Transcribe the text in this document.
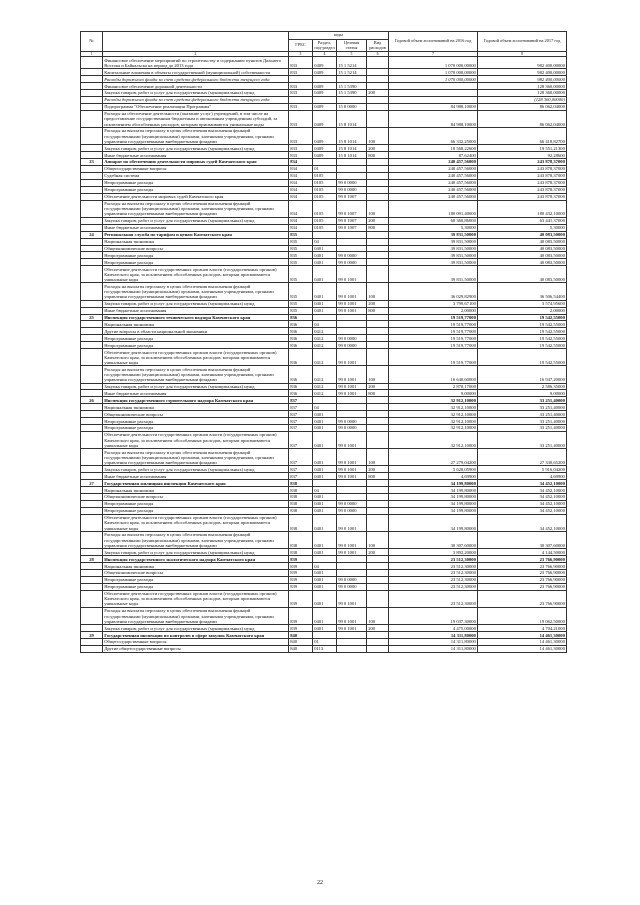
№		коды				Годовой объем ассигнований на 2016 год	Годовой объем ассигнований на 2017 год
		ГРБС	Раздел, под-раздел	Целевая статья	Вид расходов		
1	2	3	4	5	6	7	8
	Финансовое обеспечение мероприятий по строительству и содержанию пунктов Дальнего Востока и Байкальска на период до 2013 года	833	0409	15 1 5214		1 070 000,00000	982 400,00000
	Капитальные вложения в объекты государственной (муниципальной) собственности	833	0409	15 1 5214		1 070 000,00000	982 400,00000
	Расходы дорожного фонда за счет средств федерального бюджета текущего года					1 070 000,00000	982 400,00000
	Финансовое обеспечение дорожной деятельности	833	0409	15 1 5390			128 360,00000
	Закупка товаров, работ и услуг для государственных (муниципальных) нужд	833	0409	15 1 5390	200		128 360,00000
	Расходы дорожного фонда за счет средств федерального бюджета текущего года						(128 360,00000)
	Подпрограмма "Обеспечение реализации Программы"	833	0409	15 8 0000		84 988,10000	86 062,04000
	Расходы на обеспечение деятельности (оказание услуг) учреждений, в том числе на предоставление государственным бюджетным и автономным учреждениям субсидий, за исключением обособленных расходов, которым присваиваются уникальные коды	833	0409	15 8 1014		84 988,10000	86 062,04000
	Расходы на выплаты персоналу в целях обеспечения выполнения функций государственными (муниципальными) органами, казенными учреждениями, органами управления государственными внебюджетными фондами	833	0409	15 8 1014	100	66 332,25000	66 418,82700
	Закупка товаров, работ и услуг для государственных (муниципальных) нужд	833	0409	15 8 1014	200	18 568,22600	19 551,21300
	Иные бюджетные ассигнования	833	0409	15 8 1014	800	87,62400	92,28600
23	Аппарат по обеспечению деятельности мировых судей Камчатского края	834				240 457,56000	243 878,37000
	Общегосударственные вопросы	834	01			240 457,56000	243 878,37000
	Судебная система	834	0105			240 457,56000	243 878,37000
	Непрограммные расходы	834	0105	99 0 0000		240 457,56000	243 878,37000
	Непрограммные расходы	834	0105	99 0 0000		240 457,56000	243 878,37000
	Обеспечение деятельности мировых судей Камчатского края	834	0105	99 0 1007		240 457,56000	243 878,37000
	Расходы на выплаты персоналу в целях обеспечения выполнения функций государственными (муниципальными) органами, казенными учреждениями, органами управления государственными внебюджетными фондами	834	0105	99 0 1007	100	180 091,40000	180 432,10000
	Закупка товаров, работ и услуг для государственных (муниципальных) нужд	834	0105	99 0 1007	200	60 360,86000	63 441,37000
	Иные бюджетные ассигнования	834	0105	99 0 1007	800	5,30000	5,30000
24	Региональная служба по тарифам и ценам Камчатского края	835				39 831,50000	40 083,50000
	Национальная экономика	835	04			39 831,50000	40 083,50000
	Общеэкономические вопросы	835	0401			39 831,50000	40 083,50000
	Непрограммные расходы	835	0401	99 0 0000		39 831,50000	40 083,50000
	Непрограммные расходы	835	0401	99 0 0000		39 831,50000	40 083,50000
	Обеспечение деятельности государственных органов власти (государственных органов) Камчатского края, за исключением обособленных расходов, которым присваиваются уникальные коды	835	0401	99 0 1001		39 831,50000	40 083,50000
	Расходы на выплаты персоналу в целях обеспечения выполнения функций государственными (муниципальными) органами, казенными учреждениями, органами управления государственными внебюджетными фондами	835	0401	99 0 1001	100	36 029,82900	36 506,54400
	Закупка товаров, работ и услуг для государственных (муниципальных) нужд	835	0401	99 0 1001	200	3 799,67100	3 574,95600
	Иные бюджетные ассигнования	835	0401	99 0 1001	800	2,00000	2,00000
25	Инспекция государственного технического надзора Камчатского края	836				19 519,77000	19 542,55000
	Национальная экономика	836	04			19 519,77000	19 542,55000
	Другие вопросы в области национальной экономики	836	0412			19 519,77000	19 542,55000
	Непрограммные расходы	836	0412	99 0 0000		19 519,77000	19 542,55000
	Непрограммные расходы	836	0412	99 0 0000		19 519,77000	19 542,55000
	Обеспечение деятельности государственных органов власти (государственных органов) Камчатского края, за исключением обособленных расходов, которым присваиваются уникальные коды	836	0412	99 0 1001		19 519,77000	19 542,55000
	Расходы на выплаты персоналу в целях обеспечения выполнения функций государственными (муниципальными) органами, казенными учреждениями, органами управления государственными внебюджетными фондами	836	0412	99 0 1001	100	16 640,60000	16 947,20000
	Закупка товаров, работ и услуг для государственных (муниципальных) нужд	836	0412	99 0 1001	200	2 870,17000	2 586,35000
	Иные бюджетные ассигнования	836	0412	99 0 1001	800	9,00000	9,00000
26	Инспекция государственного строительного надзора Камчатского края	837				32 912,10000	33 251,40000
	Национальная экономика	837	04			32 912,10000	33 251,40000
	Общеэкономические вопросы	837	0401			32 912,10000	33 251,40000
	Непрограммные расходы	837	0401	99 0 0000		32 912,10000	33 251,40000
	Непрограммные расходы	837	0401	99 0 0000		32 912,10000	33 251,40000
	Обеспечение деятельности государственных органов власти (государственных органов) Камчатского края, за исключением обособленных расходов, которым присваиваются уникальные коды	837	0401	99 0 1001		32 912,10000	33 251,40000
	Расходы на выплаты персоналу в целях обеспечения выполнения функций государственными (муниципальными) органами, казенными учреждениями, органами управления государственными внебюджетными фондами	837	0401	99 0 1001	100	27 279,04200	27 330,65200
	Закупка товаров, работ и услуг для государственных (муниципальных) нужд	837	0401	99 0 1001	200	5 628,05900	5 916,04200
	Иные бюджетные ассигнования	837	0401	99 0 1001	800	4,69900	4,69900
27	Государственная жилищная инспекция Камчатского края	838				34 199,80000	34 452,10000
	Национальная экономика	838	04			34 199,80000	34 452,10000
	Общеэкономические вопросы	838	0401			34 199,80000	34 452,10000
	Непрограммные расходы	838	0401	99 0 0000		34 199,80000	34 452,10000
	Непрограммные расходы	838	0401	99 0 0000		34 199,80000	34 452,10000
	Обеспечение деятельности государственных органов власти (государственных органов) Камчатского края, за исключением обособленных расходов, которым присваиваются уникальные коды	838	0401	99 0 1001		34 199,80000	34 452,10000
	Расходы на выплаты персоналу в целях обеспечения выполнения функций государственными (муниципальными) органами, казенными учреждениями, органами управления государственными внебюджетными фондами	838	0401	99 0 1001	100	30 307,60000	30 307,60000
	Закупка товаров, работ и услуг для государственных (муниципальных) нужд	838	0401	99 0 1001	200	3 892,20000	4 144,50000
28	Инспекция государственного экологического надзора Камчатского края	839				23 512,30000	23 766,90000
	Национальная экономика	839	04			23 512,30000	23 766,90000
	Общеэкономические вопросы	839	0401			23 512,30000	23 766,90000
	Непрограммные расходы	839	0401	99 0 0000		23 512,30000	23 766,90000
	Непрограммные расходы	839	0401	99 0 0000		23 512,30000	23 766,90000
	Обеспечение деятельности государственных органов власти (государственных органов) Камчатского края, за исключением обособленных расходов, которым присваиваются уникальные коды	839	0401	99 0 1001		23 512,30000	23 766,90000
	Расходы на выплаты персоналу в целях обеспечения выполнения функций государственными (муниципальными) органами, казенными учреждениями, органами управления государственными внебюджетными фондами	839	0401	99 0 1001	100	19 037,30000	19 062,50000
	Закупка товаров, работ и услуг для государственных (муниципальных) нужд	839	0401	99 0 1001	200	4 475,00000	4 704,21000
29	Государственная инспекция по контролю в сфере закупок Камчатского края	840				14 311,80000	14 461,30000
	Общегосударственные вопросы	840	01			14 311,80000	14 461,30000
	Другие общегосударственные вопросы	840	0113			14 311,80000	14 461,30000
22
